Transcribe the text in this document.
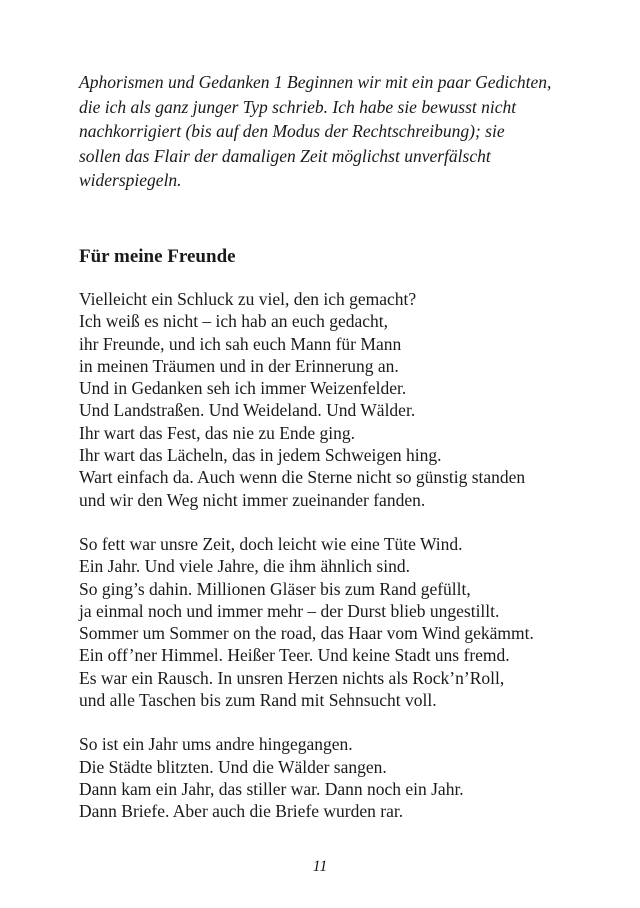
Aphorismen und Gedanken 1 Beginnen wir mit ein paar Gedichten,
die ich als ganz junger Typ schrieb. Ich habe sie bewusst nicht
nachkorrigiert (bis auf den Modus der Rechtschreibung); sie
sollen das Flair der damaligen Zeit möglichst unverfälscht
widerspiegeln.
Für meine Freunde
Vielleicht ein Schluck zu viel, den ich gemacht?
Ich weiß es nicht – ich hab an euch gedacht,
ihr Freunde, und ich sah euch Mann für Mann
in meinen Träumen und in der Erinnerung an.
Und in Gedanken seh ich immer Weizenfelder.
Und Landstraßen. Und Weideland. Und Wälder.
Ihr wart das Fest, das nie zu Ende ging.
Ihr wart das Lächeln, das in jedem Schweigen hing.
Wart einfach da. Auch wenn die Sterne nicht so günstig standen
und wir den Weg nicht immer zueinander fanden.
So fett war unsre Zeit, doch leicht wie eine Tüte Wind.
Ein Jahr. Und viele Jahre, die ihm ähnlich sind.
So ging’s dahin. Millionen Gläser bis zum Rand gefüllt,
ja einmal noch und immer mehr – der Durst blieb ungestillt.
Sommer um Sommer on the road, das Haar vom Wind gekämmt.
Ein off’ner Himmel. Heißer Teer. Und keine Stadt uns fremd.
Es war ein Rausch. In unsren Herzen nichts als Rock’n’Roll,
und alle Taschen bis zum Rand mit Sehnsucht voll.
So ist ein Jahr ums andre hingegangen.
Die Städte blitzten. Und die Wälder sangen.
Dann kam ein Jahr, das stiller war. Dann noch ein Jahr.
Dann Briefe. Aber auch die Briefe wurden rar.
11
